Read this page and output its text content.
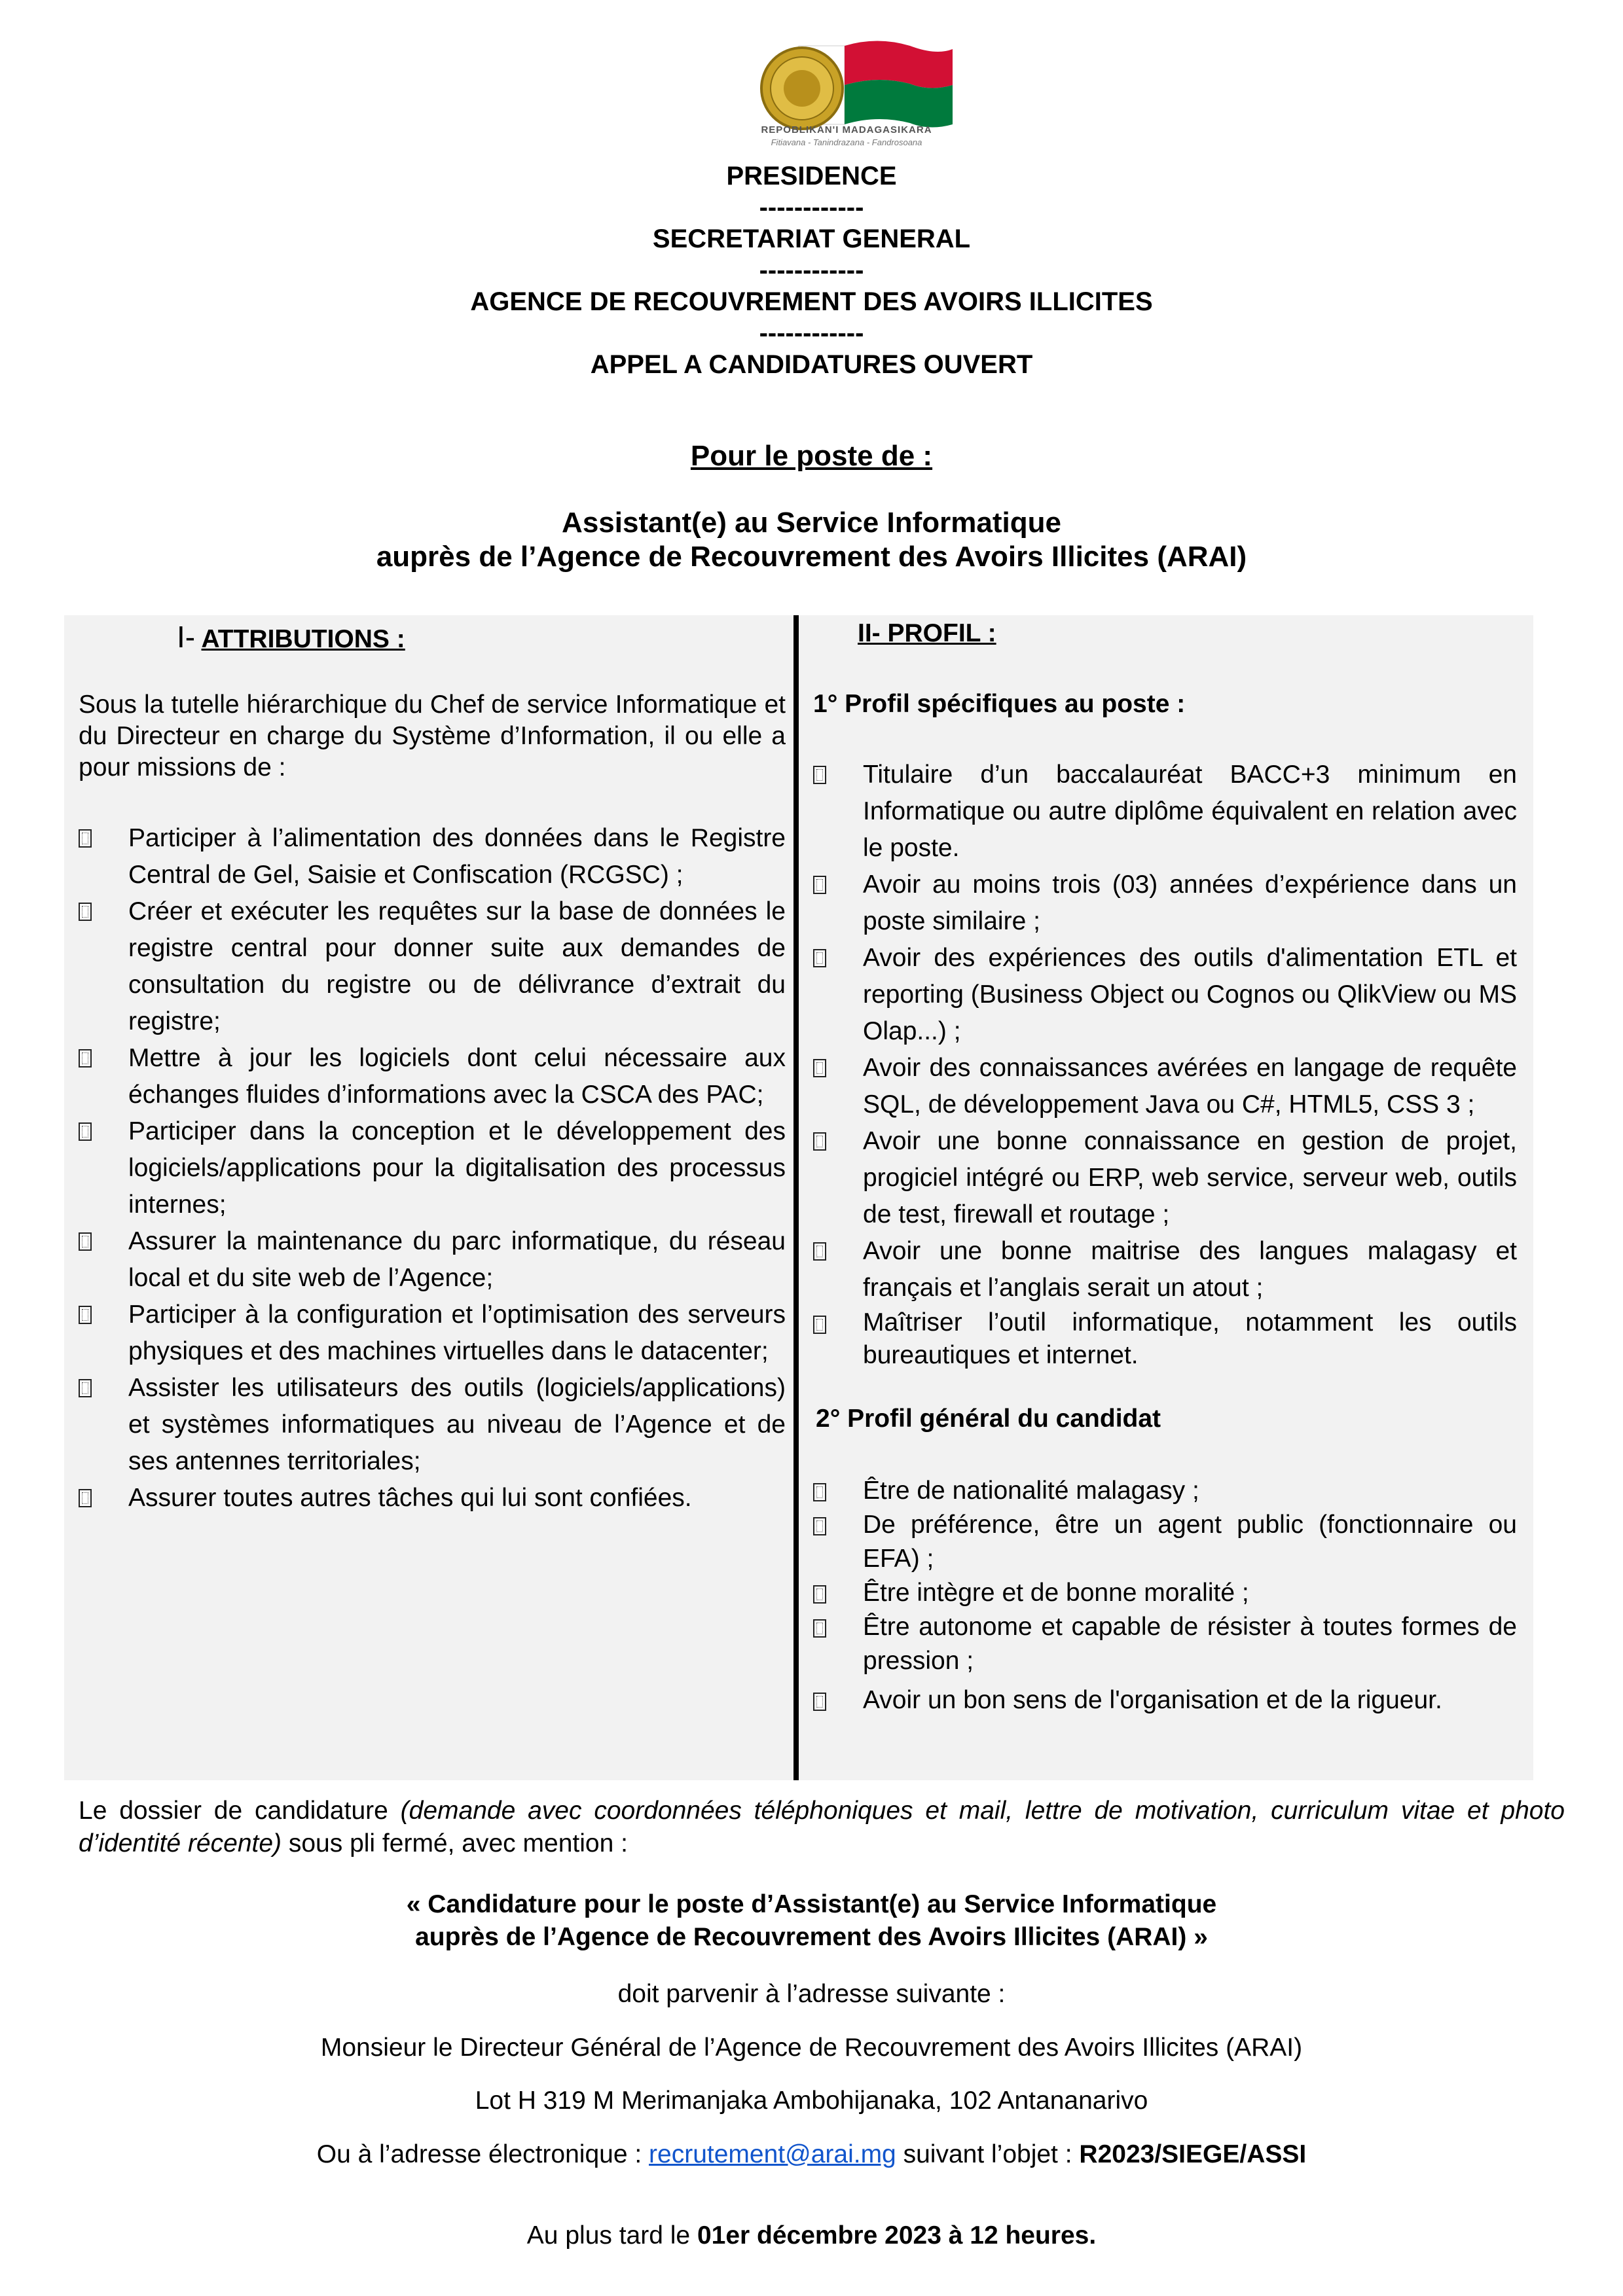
REPOBLIKAN'I MADAGASIKARA
Fitiavana - Tanindrazana - Fandrosoana
PRESIDENCE
------------
SECRETARIAT GENERAL
------------
AGENCE DE RECOUVREMENT DES AVOIRS ILLICITES
------------
APPEL A CANDIDATURES OUVERT
Pour le poste de :
Assistant(e) au Service Informatique
auprès de l’Agence de Recouvrement des Avoirs Illicites (ARAI)
I- ATTRIBUTIONS :
Sous la tutelle hiérarchique du Chef de service Informatique et du Directeur en charge du Système d’Information, il ou elle a pour missions de :
Participer à l’alimentation des données dans le Registre Central de Gel, Saisie et Confiscation (RCGSC) ;
Créer et exécuter les requêtes sur la base de données le registre central pour donner suite aux demandes de consultation du registre ou de délivrance d’extrait du registre;
Mettre à jour les logiciels dont celui nécessaire aux échanges fluides d’informations avec la CSCA des PAC;
Participer dans la conception et le développement des logiciels/applications pour la digitalisation des processus internes;
Assurer la maintenance du parc informatique, du réseau local et du site web de l’Agence;
Participer à la configuration et l’optimisation des serveurs physiques et des machines virtuelles dans le datacenter;
Assister les utilisateurs des outils (logiciels/applications) et systèmes informatiques au niveau de l’Agence et de ses antennes territoriales;
Assurer toutes autres tâches qui lui sont confiées.
II- PROFIL :
1° Profil spécifiques au poste :
Titulaire d’un baccalauréat BACC+3 minimum en Informatique ou autre diplôme équivalent en relation avec le poste.
Avoir au moins trois (03) années d’expérience dans un poste similaire ;
Avoir des expériences des outils d'alimentation ETL et reporting (Business Object ou Cognos ou QlikView ou MS Olap...) ;
Avoir des connaissances avérées en langage de requête SQL, de développement Java ou C#, HTML5, CSS 3 ;
Avoir une bonne connaissance en gestion de projet, progiciel intégré ou ERP, web service, serveur web, outils de test, firewall et routage ;
Avoir une bonne maitrise des langues malagasy et français et l’anglais serait un atout ;
Maîtriser l’outil informatique, notamment les outils bureautiques et internet.
2° Profil général du candidat
Être de nationalité malagasy ;
De préférence, être un agent public (fonctionnaire ou EFA) ;
Être intègre et de bonne moralité ;
Être autonome et capable de résister à toutes formes de pression ;
Avoir un bon sens de l'organisation et de la rigueur.
Le dossier de candidature (demande avec coordonnées téléphoniques et mail, lettre de motivation, curriculum vitae et photo d’identité récente) sous pli fermé, avec mention :
« Candidature pour le poste d’Assistant(e) au Service Informatique
auprès de l’Agence de Recouvrement des Avoirs Illicites (ARAI) »
doit parvenir à l’adresse suivante :
Monsieur le Directeur Général de l’Agence de Recouvrement des Avoirs Illicites (ARAI)
Lot H 319 M Merimanjaka Ambohijanaka, 102 Antananarivo
Ou à l’adresse électronique : recrutement@arai.mg suivant l’objet : R2023/SIEGE/ASSI
Au plus tard le 01er décembre 2023 à 12 heures.
